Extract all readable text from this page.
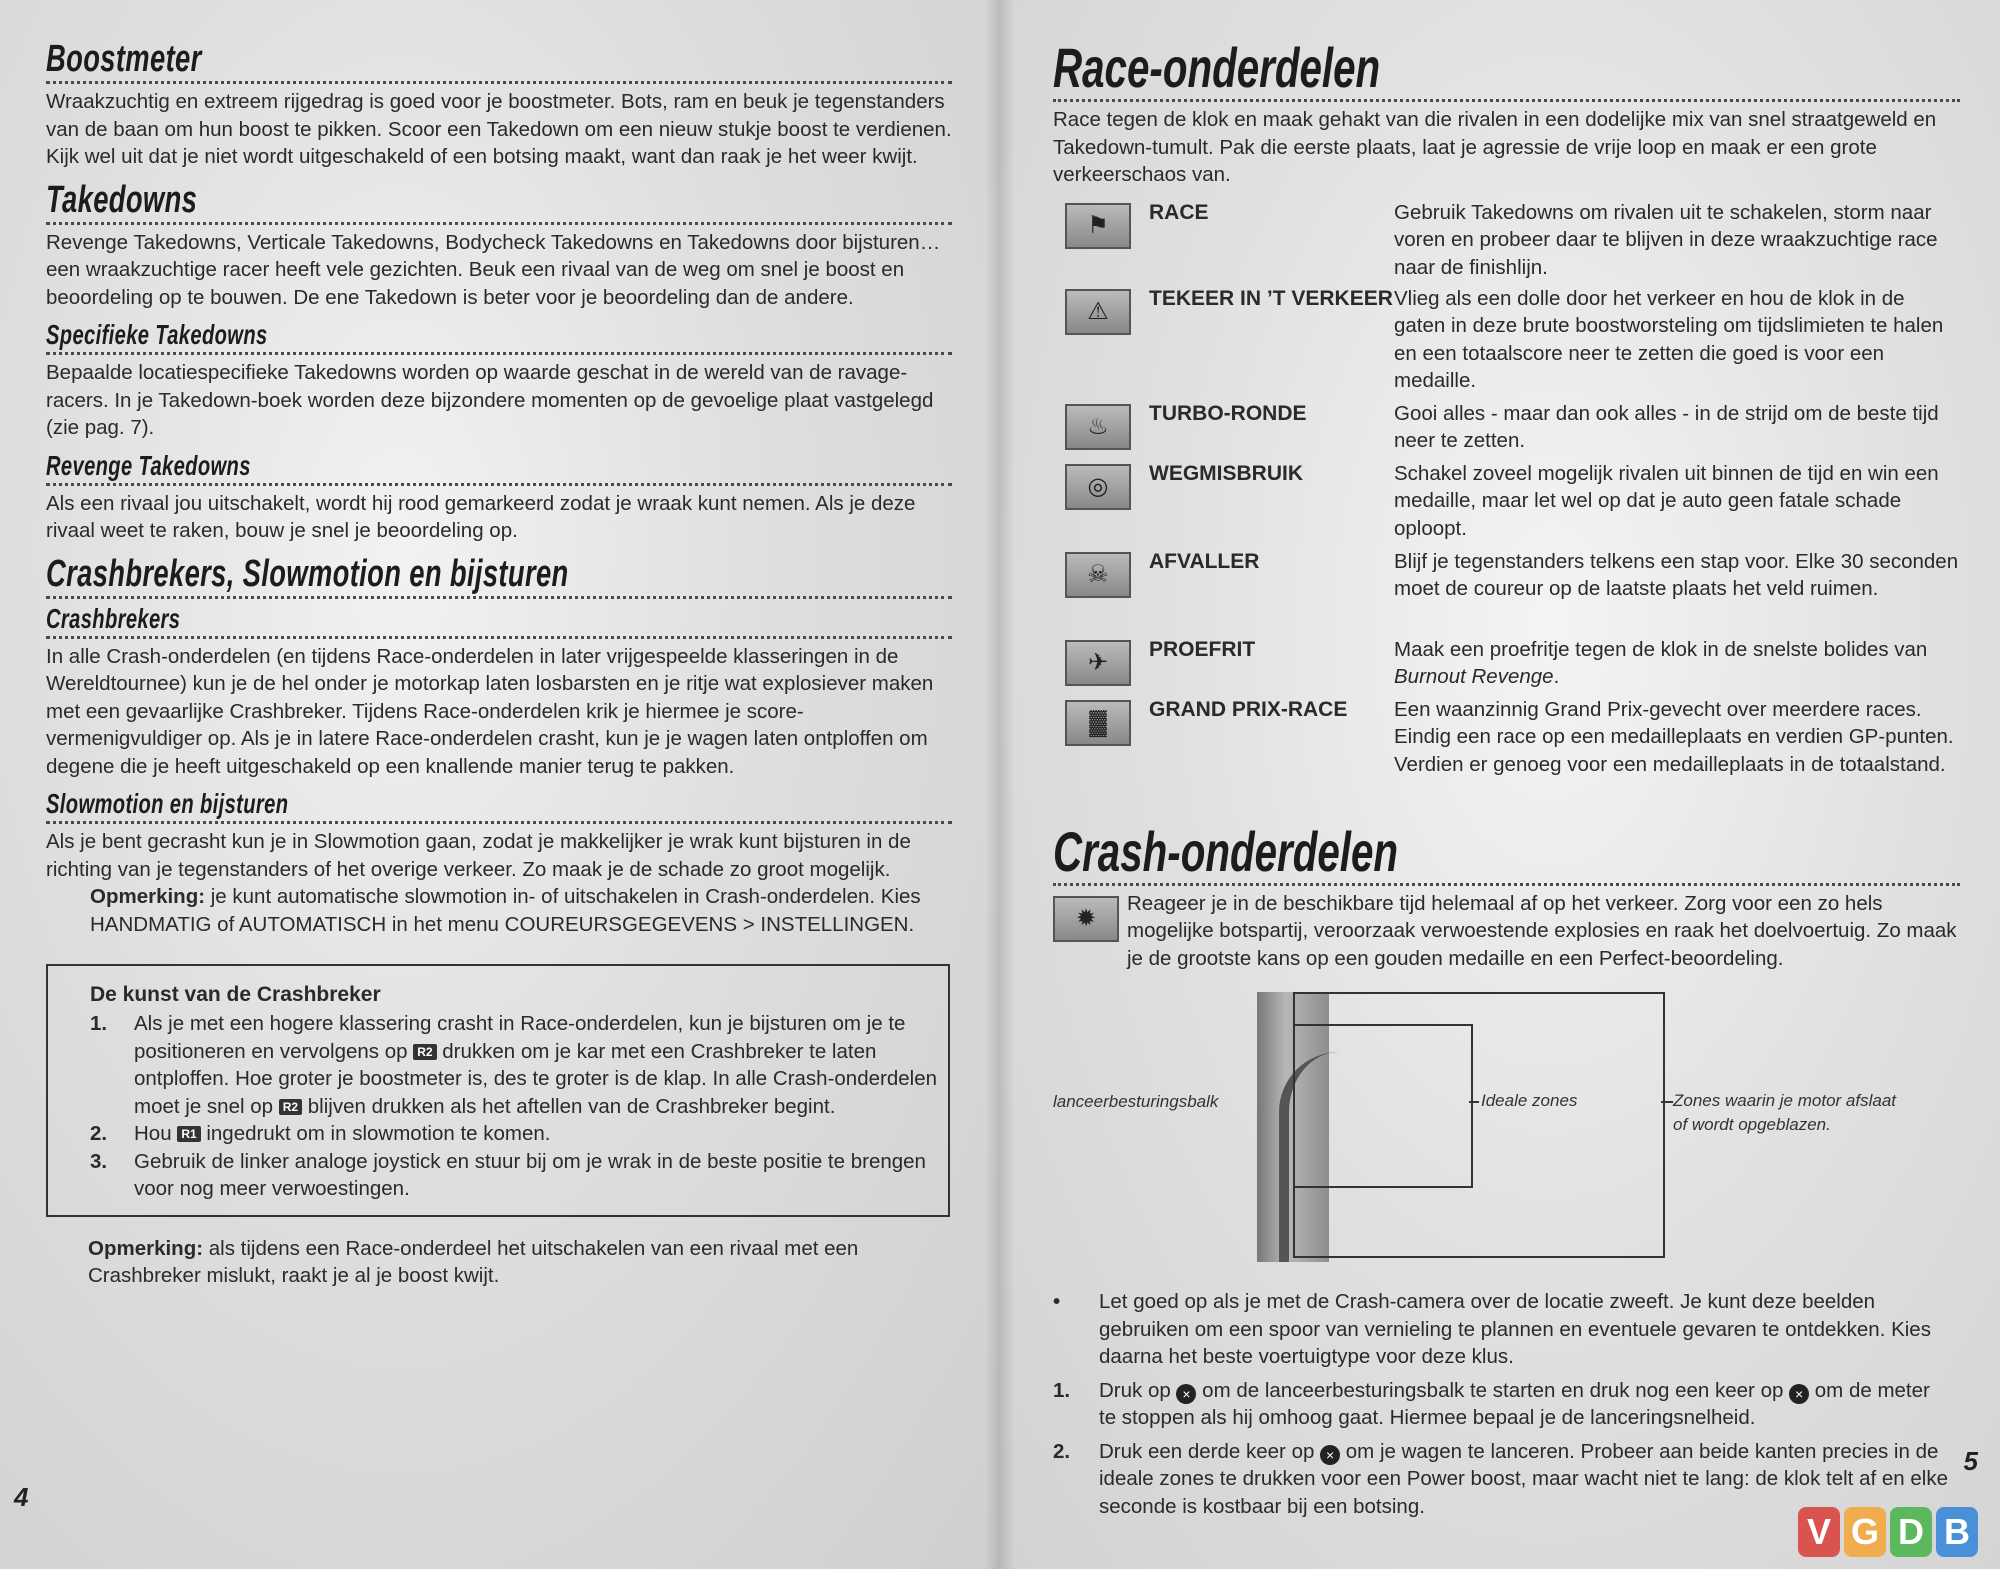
Boostmeter

Wraakzuchtig en extreem rijgedrag is goed voor je boostmeter. Bots, ram en beuk je tegenstanders van de baan om hun boost te pikken. Scoor een Takedown om een nieuw stukje boost te verdienen. Kijk wel uit dat je niet wordt uitgeschakeld of een botsing maakt, want dan raak je het weer kwijt.

Takedowns

Revenge Takedowns, Verticale Takedowns, Bodycheck Takedowns en Takedowns door bijsturen… een wraakzuchtige racer heeft vele gezichten. Beuk een rivaal van de weg om snel je boost en beoordeling op te bouwen. De ene Takedown is beter voor je beoordeling dan de andere.

Specifieke Takedowns

Bepaalde locatiespecifieke Takedowns worden op waarde geschat in de wereld van de ravage-racers. In je Takedown-boek worden deze bijzondere momenten op de gevoelige plaat vastgelegd (zie pag. 7).

Revenge Takedowns

Als een rivaal jou uitschakelt, wordt hij rood gemarkeerd zodat je wraak kunt nemen. Als je deze rivaal weet te raken, bouw je snel je beoordeling op.

Crashbrekers, Slowmotion en bijsturen
Crashbrekers

In alle Crash-onderdelen (en tijdens Race-onderdelen in later vrijgespeelde klasseringen in de Wereldtournee) kun je de hel onder je motorkap laten losbarsten en je ritje wat explosiever maken met een gevaarlijke Crashbreker. Tijdens Race-onderdelen krik je hiermee je score-vermenigvuldiger op. Als je in latere Race-onderdelen crasht, kun je je wagen laten ontploffen om degene die je heeft uitgeschakeld op een knallende manier terug te pakken.

Slowmotion en bijsturen

Als je bent gecrasht kun je in Slowmotion gaan, zodat je makkelijker je wrak kunt bijsturen in de richting van je tegenstanders of het overige verkeer. Zo maak je de schade zo groot mogelijk.

Opmerking: je kunt automatische slowmotion in- of uitschakelen in Crash-onderdelen. Kies HANDMATIG of AUTOMATISCH in het menu COUREURSGEGEVENS > INSTELLINGEN.

De kunst van de Crashbreker
1.	Als je met een hogere klassering crasht in Race-onderdelen, kun je bijsturen om je te positioneren en vervolgens op R2 drukken om je kar met een Crashbreker te laten ontploffen. Hoe groter je boostmeter is, des te groter is de klap. In alle Crash-onderdelen moet je snel op R2 blijven drukken als het aftellen van de Crashbreker begint.
2.	Hou R1 ingedrukt om in slowmotion te komen.
3.	Gebruik de linker analoge joystick en stuur bij om je wrak in de beste positie te brengen voor nog meer verwoestingen.

Opmerking: als tijdens een Race-onderdeel het uitschakelen van een rivaal met een Crashbreker mislukt, raakt je al je boost kwijt.

4
Race-onderdelen

Race tegen de klok en maak gehakt van die rivalen in een dodelijke mix van snel straatgeweld en Takedown-tumult. Pak die eerste plaats, laat je agressie de vrije loop en maak er een grote verkeerschaos van.

⚑	RACE	Gebruik Takedowns om rivalen uit te schakelen, storm naar voren en probeer daar te blijven in deze wraakzuchtige race naar de finishlijn.
⚠	TEKEER IN ’T VERKEER Vlieg als een dolle door het verkeer en hou de klok in de gaten in deze brute boostworsteling om tijdslimieten te halen en een totaalscore neer te zetten die goed is voor een medaille.
♨	TURBO-RONDE	Gooi alles - maar dan ook alles - in de strijd om de beste tijd neer te zetten.
◎	WEGMISBRUIK	Schakel zoveel mogelijk rivalen uit binnen de tijd en win een medaille, maar let wel op dat je auto geen fatale schade oploopt.
☠	AFVALLER	Blijf je tegenstanders telkens een stap voor. Elke 30 seconden moet de coureur op de laatste plaats het veld ruimen.
✈	PROEFRIT	Maak een proefritje tegen de klok in de snelste bolides van Burnout Revenge.
▓	GRAND PRIX-RACE	Een waanzinnig Grand Prix-gevecht over meerdere races. Eindig een race op een medailleplaats en verdien GP-punten. Verdien er genoeg voor een medailleplaats in de totaalstand.
Crash-onderdelen
✹

Reageer je in de beschikbare tijd helemaal af op het verkeer. Zorg voor een zo hels mogelijke botspartij, veroorzaak verwoestende explosies en raak het doelvoertuig. Zo maak je de grootste kans op een gouden medaille en een Perfect-beoordeling.

lanceerbesturingsbalk	Ideale zones	Zones waarin je motor afslaat
of wordt opgeblazen.
•	Let goed op als je met de Crash-camera over de locatie zweeft. Je kunt deze beelden gebruiken om een spoor van vernieling te plannen en eventuele gevaren te ontdekken. Kies daarna het beste voertuigtype voor deze klus.
1.	Druk op × om de lanceerbesturingsbalk te starten en druk nog een keer op × om de meter te stoppen als hij omhoog gaat. Hiermee bepaal je de lanceringsnelheid.
2.	Druk een derde keer op × om je wagen te lanceren. Probeer aan beide kanten precies in de ideale zones te drukken voor een Power boost, maar wacht niet te lang: de klok telt af en elke seconde is kostbaar bij een botsing.
5
V G D B
